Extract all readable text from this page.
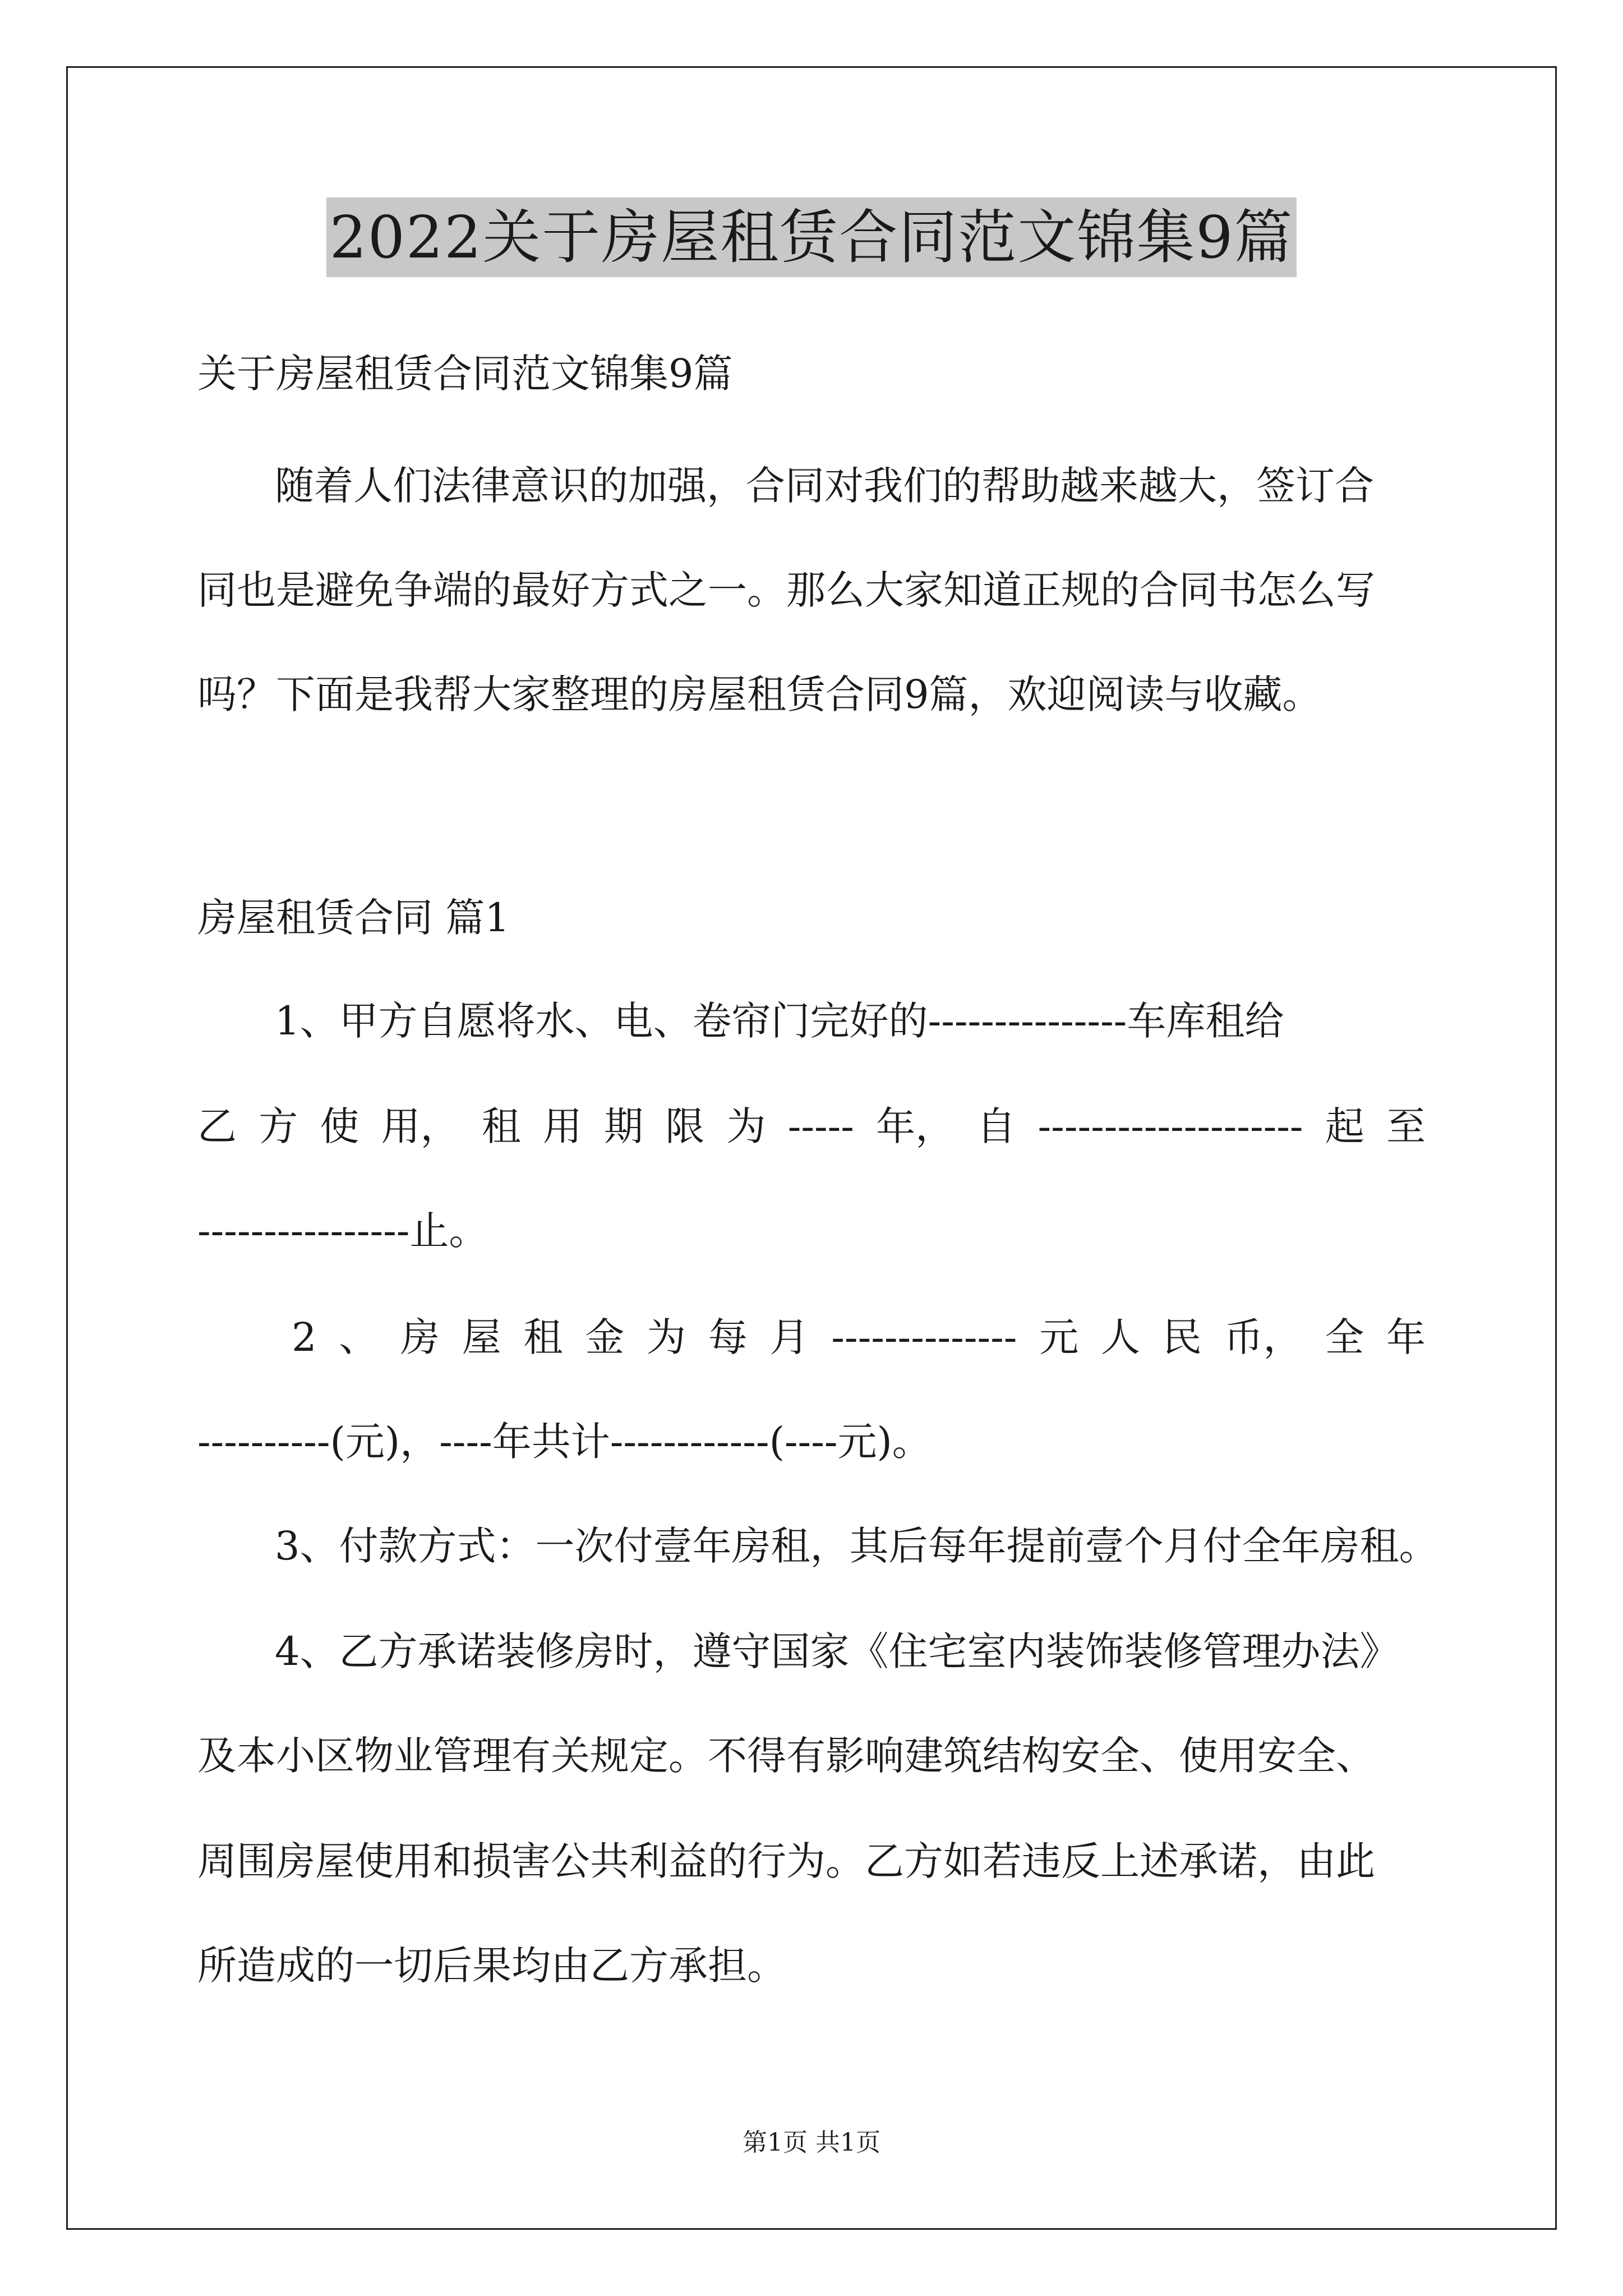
2022关于房屋租赁合同范文锦集9篇
关于房屋租赁合同范文锦集9篇
随着人们法律意识的加强，合同对我们的帮助越来越大，签订合
同也是避免争端的最好方式之一。那么大家知道正规的合同书怎么写
吗？下面是我帮大家整理的房屋租赁合同9篇，欢迎阅读与收藏。
房屋租赁合同 篇1
1、甲方自愿将水、电、卷帘门完好的---------------车库租给
乙 方 使 用， 租 用 期 限 为 ----- 年， 自 -------------------- 起 至
----------------止。
2 、 房 屋 租 金 为 每 月 -------------- 元 人 民 币， 全 年
----------(元)，----年共计------------(----元)。
3、付款方式：一次付壹年房租，其后每年提前壹个月付全年房租。
4、乙方承诺装修房时，遵守国家《住宅室内装饰装修管理办法》
及本小区物业管理有关规定。不得有影响建筑结构安全、使用安全、
周围房屋使用和损害公共利益的行为。乙方如若违反上述承诺，由此
所造成的一切后果均由乙方承担。
第1页 共1页
